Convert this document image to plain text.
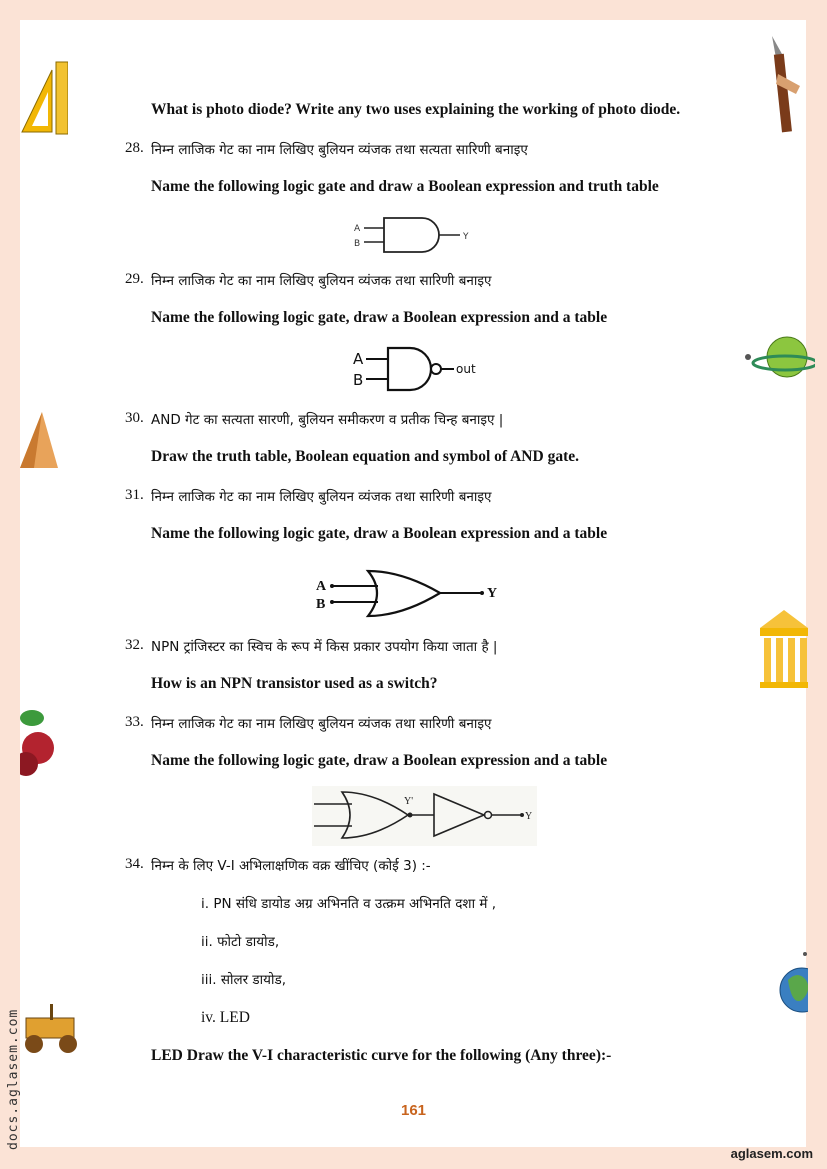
What is photo diode? Write any two uses explaining the working of photo diode.
28. निम्न लाजिक गेट का नाम लिखिए बुलियन व्यंजक तथा सत्यता सारिणी बनाइए
Name the following logic gate and draw a Boolean expression and truth table
A
B
Y
29. निम्न लाजिक गेट का नाम लिखिए बुलियन व्यंजक तथा सारिणी बनाइए
Name the following logic gate, draw a Boolean expression and a table
A
B
out
30. AND गेट का सत्यता सारणी, बुलियन समीकरण व प्रतीक चिन्ह बनाइए |
Draw the truth table, Boolean equation and symbol of AND gate.
31. निम्न लाजिक गेट का नाम लिखिए बुलियन व्यंजक तथा सारिणी बनाइए
Name the following logic gate, draw a Boolean expression and a table
A
B
Y
32. NPN ट्रांजिस्टर का स्विच के रूप में किस प्रकार उपयोग किया जाता है |
How is an NPN transistor used as a switch?
33. निम्न लाजिक गेट का नाम लिखिए बुलियन व्यंजक तथा सारिणी बनाइए
Name the following logic gate, draw a Boolean expression and a table
Y'
Y
34. निम्न के लिए V-I अभिलाक्षणिक वक्र खींचिए (कोई 3) :-
i. PN संधि डायोड अग्र अभिनति व उत्क्रम अभिनति दशा में ,
ii. फोटो डायोड,
iii. सोलर डायोड,
iv. LED
LED Draw the V-I characteristic curve for the following (Any three):-
161
aglasem.com
docs.aglasem.com
